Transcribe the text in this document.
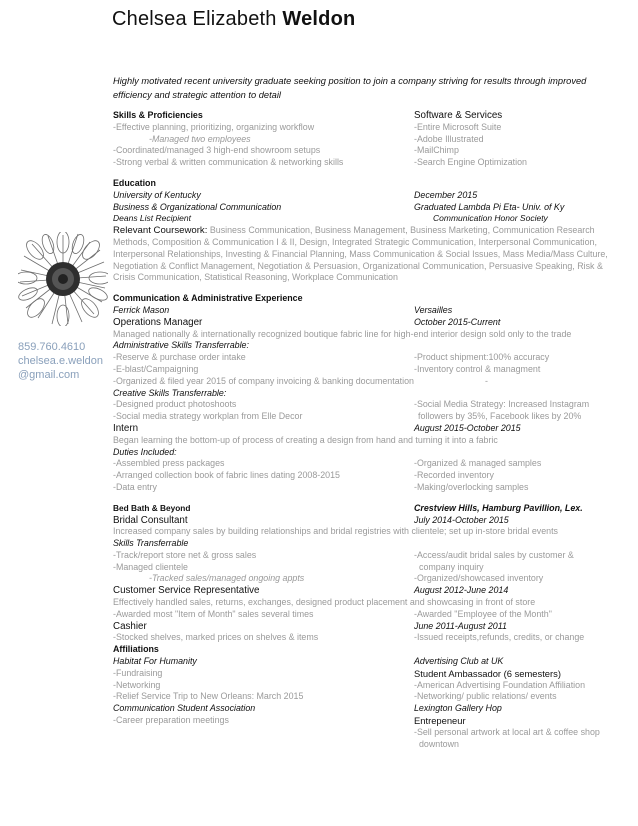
Chelsea Elizabeth Weldon
Highly motivated recent university graduate seeking position to join a company striving for results through improved efficiency and strategic attention to detail
859.760.4610
chelsea.e.weldon
@gmail.com
Skills & Proficiencies	Software & Services
-Effective planning, prioritizing, organizing workflow	-Entire Microsoft Suite
-Managed two employees	-Adobe Illustrated
-Coordinated/managed 3 high-end showroom setups	-MailChimp
-Strong verbal & written communication & networking skills	-Search Engine Optimization
Education
University of Kentucky	December 2015
Business & Organizational Communication	Graduated Lambda Pi Eta- Univ. of Ky
Deans List Recipient	Communication Honor Society
Relevant Coursework: Business Communication, Business Management, Business Marketing, Communication Research Methods, Composition & Communication I & II, Design, Integrated Strategic Communication, Interpersonal Communication, Interpersonal Relationships, Investing & Financial Planning, Mass Communication & Social Issues, Mass Media/Mass Culture, Negotiation & Conflict Management, Negotiation & Persuasion, Organizational Communication, Persuasive Speaking, Risk & Crisis Communication, Statistical Reasoning, Workplace Communication
Communication & Administrative Experience
Ferrick Mason	Versailles
Operations Manager	October 2015-Current
Managed nationally & internationally recognized boutique fabric line for high-end interior design sold only to the trade
Administrative Skills Transferrable:
-Reserve & purchase order intake	-Product shipment:100% accuracy
-E-blast/Campaigning	-Inventory control & managment
-Organized & filed year 2015 of company invoicing & banking documentation	-
Creative Skills Transferrable:
-Designed product photoshoots	-Social Media Strategy: Increased Instagram
-Social media strategy workplan from Elle Decor	followers by 35%, Facebook likes by 20%
Intern	August 2015-October 2015
Began learning the bottom-up of process of creating a design from hand and turning it into a fabric
Duties Included:
-Assembled press packages	-Organized & managed samples
-Arranged collection book of fabric lines dating 2008-2015	-Recorded inventory
-Data entry	-Making/overlocking samples
Bed Bath & Beyond	Crestview Hills, Hamburg Pavillion, Lex.
Bridal Consultant	July 2014-October 2015
Increased company sales by building relationships and bridal registries with clientele; set up in-store bridal events
Skills Transferrable
-Track/report store net & gross sales	-Access/audit bridal sales by customer &
-Managed clientele	company inquiry
-Tracked sales/managed ongoing appts	-Organized/showcased inventory
Customer Service Representative	August 2012-June 2014
Effectively handled sales, returns, exchanges, designed product placement and showcasing in front of store
-Awarded most "Item of Month" sales several times	-Awarded "Employee of the Month"
Cashier	June 2011-August 2011
-Stocked shelves, marked prices on shelves & items	-Issued receipts,refunds, credits, or change
Affiliations
Habitat For Humanity	Advertising Club at UK
-Fundraising	Student Ambassador (6 semesters)
-Networking	-American Advertising Foundation Affiliation
-Relief Service Trip to New Orleans: March 2015	-Networking/ public relations/ events
Communication Student Association	Lexington Gallery Hop
-Career preparation meetings	Entrepeneur
-Sell personal artwork at local art & coffee shop
downtown
